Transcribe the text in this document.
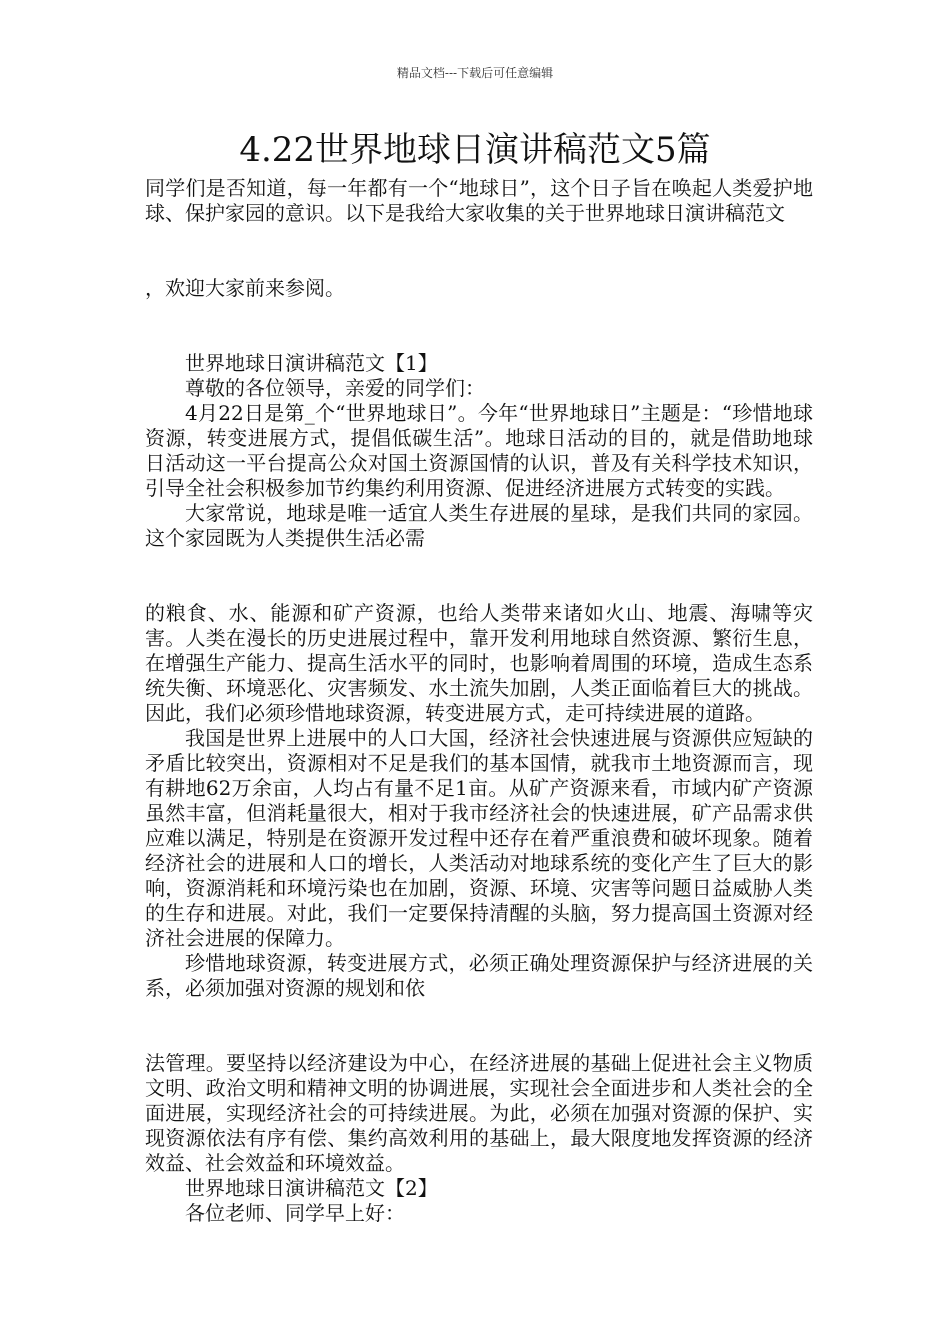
精品文档---下载后可任意编辑
4.22世界地球日演讲稿范文5篇

同学们是否知道，每一年都有一个“地球日”，这个日子旨在唤起人类爱护地球、保护家园的意识。以下是我给大家收集的关于世界地球日演讲稿范文

，欢迎大家前来参阅。

世界地球日演讲稿范文【1】

尊敬的各位领导，亲爱的同学们：

4月22日是第_个“世界地球日”。今年“世界地球日”主题是：“珍惜地球资源，转变进展方式，提倡低碳生活”。地球日活动的目的，就是借助地球日活动这一平台提高公众对国土资源国情的认识，普及有关科学技术知识，引导全社会积极参加节约集约利用资源、促进经济进展方式转变的实践。

大家常说，地球是唯一适宜人类生存进展的星球，是我们共同的家园。这个家园既为人类提供生活必需

的粮食、水、能源和矿产资源，也给人类带来诸如火山、地震、海啸等灾害。人类在漫长的历史进展过程中，靠开发利用地球自然资源、繁衍生息，在增强生产能力、提高生活水平的同时，也影响着周围的环境，造成生态系统失衡、环境恶化、灾害频发、水土流失加剧，人类正面临着巨大的挑战。因此，我们必须珍惜地球资源，转变进展方式，走可持续进展的道路。

我国是世界上进展中的人口大国，经济社会快速进展与资源供应短缺的矛盾比较突出，资源相对不足是我们的基本国情，就我市土地资源而言，现有耕地62万余亩，人均占有量不足1亩。从矿产资源来看，市域内矿产资源虽然丰富，但消耗量很大，相对于我市经济社会的快速进展，矿产品需求供应难以满足，特别是在资源开发过程中还存在着严重浪费和破坏现象。随着经济社会的进展和人口的增长，人类活动对地球系统的变化产生了巨大的影响，资源消耗和环境污染也在加剧，资源、环境、灾害等问题日益威胁人类的生存和进展。对此，我们一定要保持清醒的头脑，努力提高国土资源对经济社会进展的保障力。

珍惜地球资源，转变进展方式，必须正确处理资源保护与经济进展的关系，必须加强对资源的规划和依

法管理。要坚持以经济建设为中心，在经济进展的基础上促进社会主义物质文明、政治文明和精神文明的协调进展，实现社会全面进步和人类社会的全面进展，实现经济社会的可持续进展。为此，必须在加强对资源的保护、实现资源依法有序有偿、集约高效利用的基础上，最大限度地发挥资源的经济效益、社会效益和环境效益。

世界地球日演讲稿范文【2】

各位老师、同学早上好：
